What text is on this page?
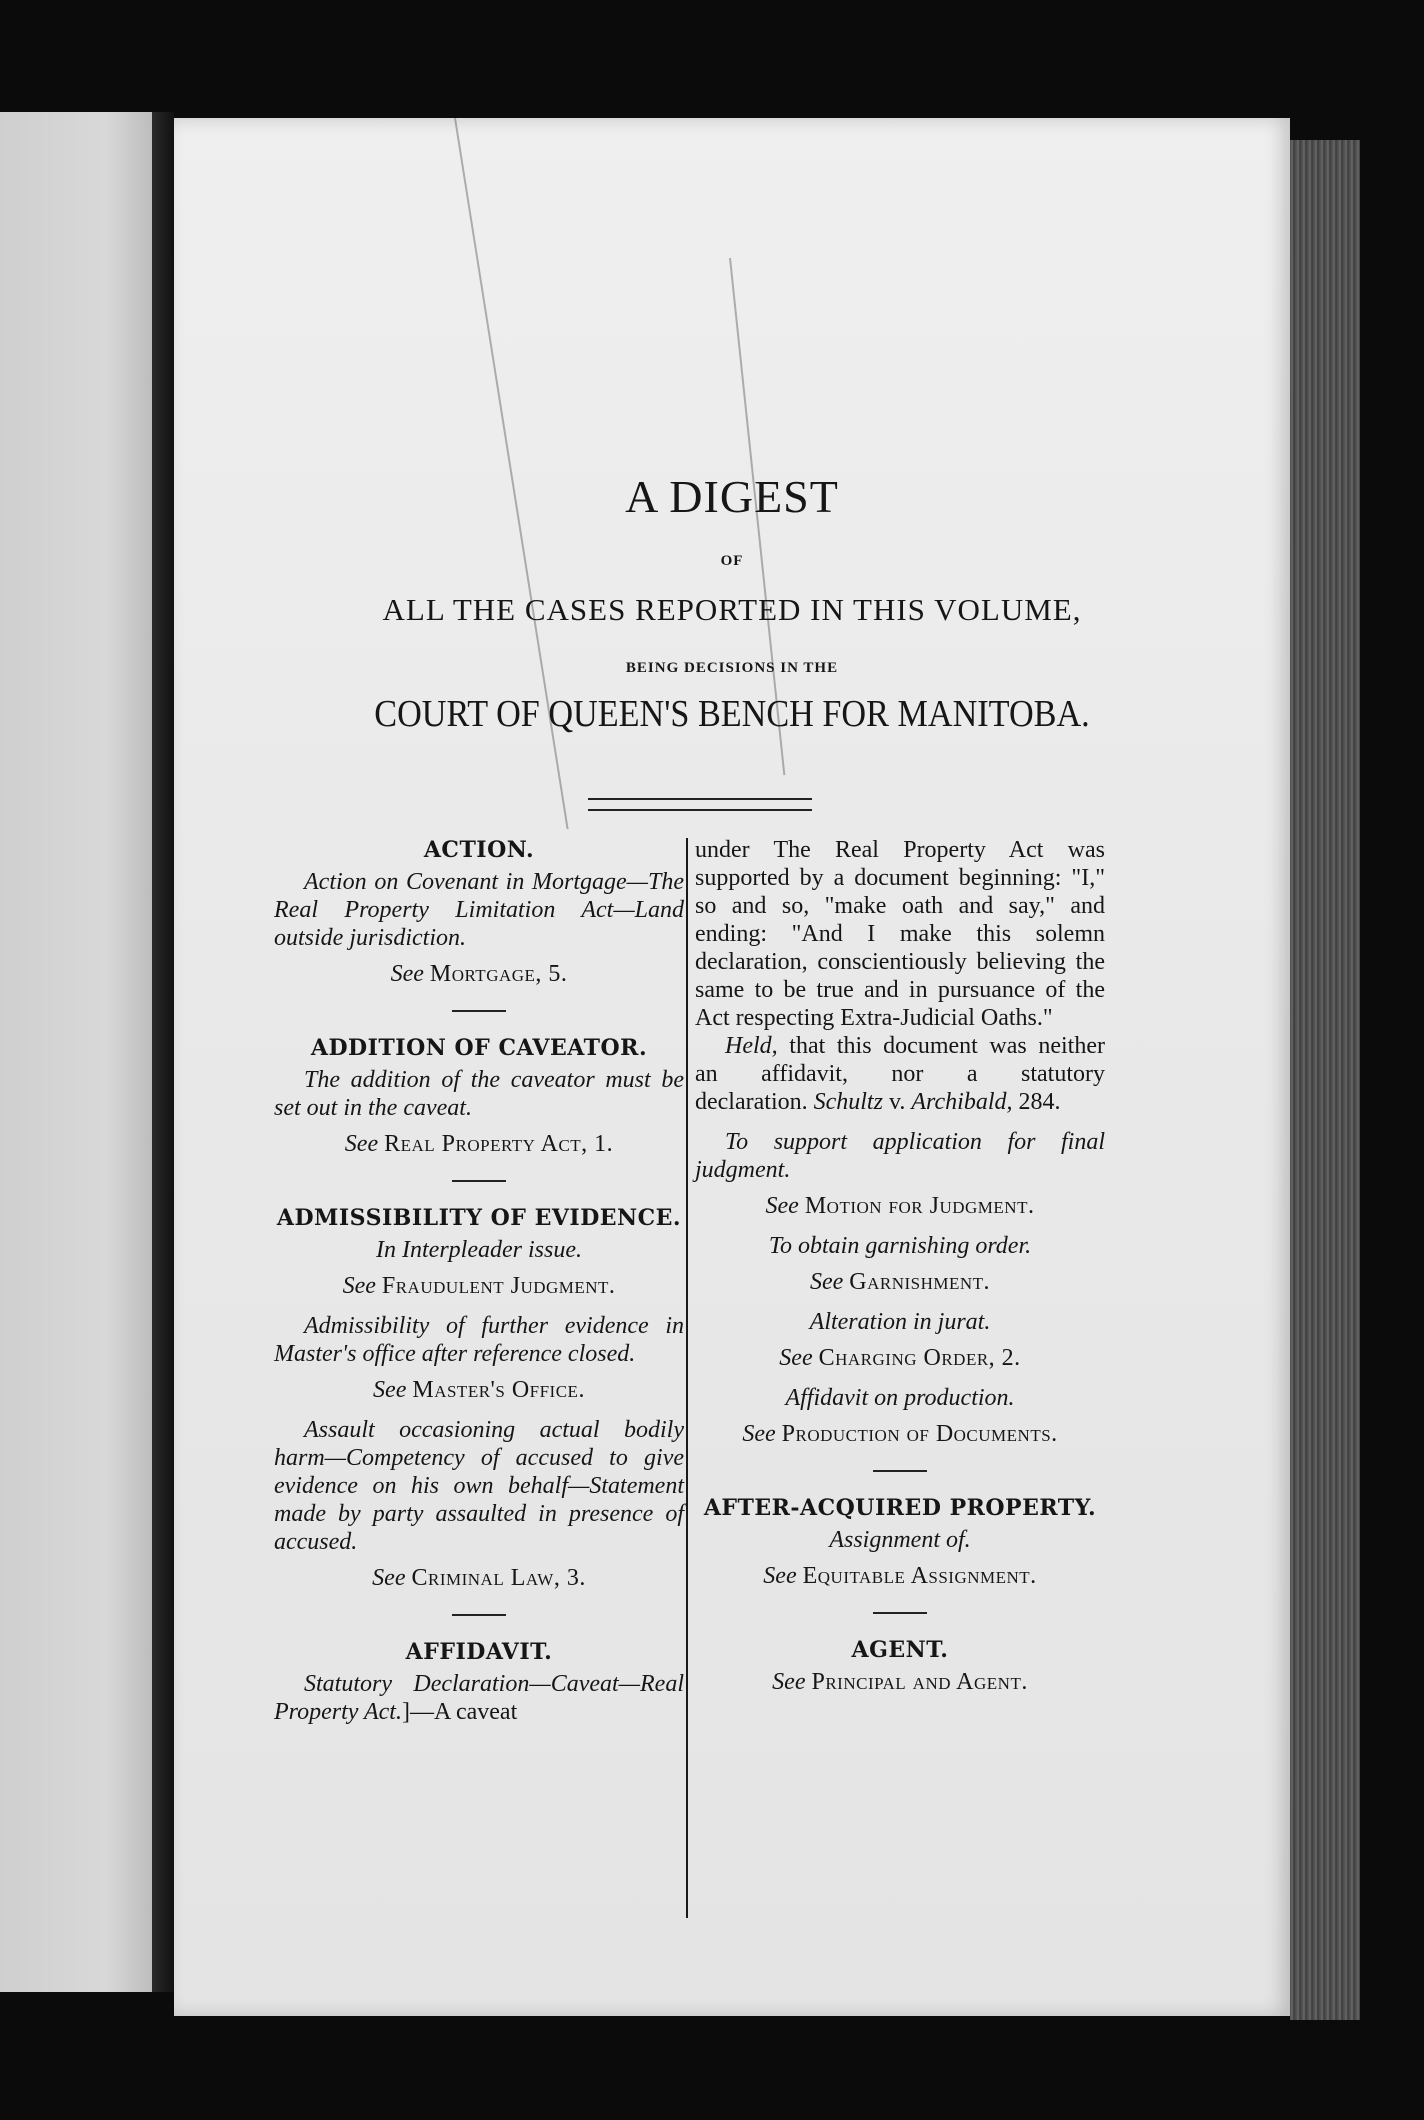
A DIGEST
OF
ALL THE CASES REPORTED IN THIS VOLUME,
BEING DECISIONS IN THE
COURT OF QUEEN'S BENCH FOR MANITOBA.

ACTION.

Action on Covenant in Mortgage—The Real Property Limitation Act—Land outside jurisdiction.

See Mortgage, 5.

ADDITION OF CAVEATOR.

The addition of the caveator must be set out in the caveat.

See Real Property Act, 1.

ADMISSIBILITY OF EVIDENCE.

In Interpleader issue.

See Fraudulent Judgment.

Admissibility of further evidence in Master's office after reference closed.

See Master's Office.

Assault occasioning actual bodily harm—Competency of accused to give evidence on his own behalf—Statement made by party assaulted in presence of accused.

See Criminal Law, 3.

AFFIDAVIT.

Statutory Declaration—Caveat—Real Property Act.]—A caveat

under The Real Property Act was supported by a document beginning: "I," so and so, "make oath and say," and ending: "And I make this solemn declaration, conscientiously believing the same to be true and in pursuance of the Act respecting Extra-Judicial Oaths."

Held, that this document was neither an affidavit, nor a statutory declaration. Schultz v. Archibald, 284.

To support application for final judgment.

See Motion for Judgment.

To obtain garnishing order.

See Garnishment.

Alteration in jurat.

See Charging Order, 2.

Affidavit on production.

See Production of Documents.

AFTER-ACQUIRED PROPERTY.

Assignment of.

See Equitable Assignment.

AGENT.

See Principal and Agent.
